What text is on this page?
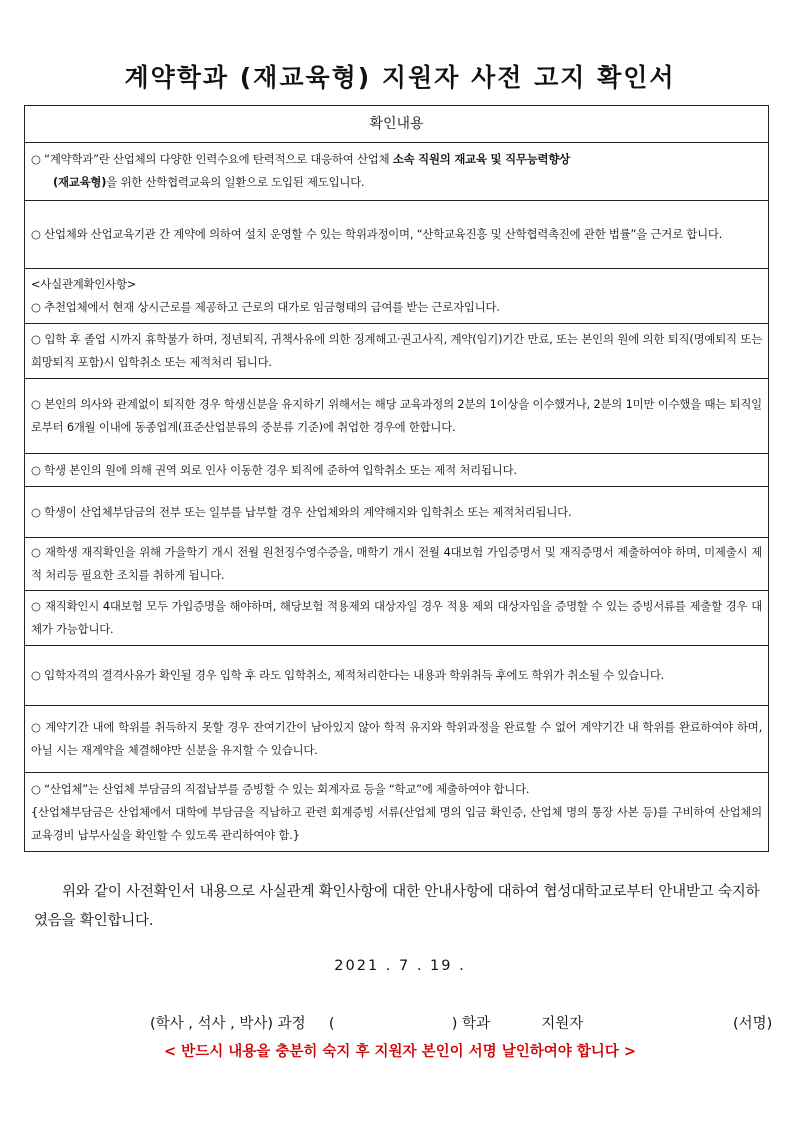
계약학과 (재교육형) 지원자 사전 고지 확인서
확인내용

○ “계약학과”란 산업체의 다양한 인력수요에 탄력적으로 대응하여 산업체 소속 직원의 재교육 및 직무능력향상

(재교육형)을 위한 산학협력교육의 일환으로 도입된 제도입니다.

○ 산업체와 산업교육기관 간 계약에 의하여 설치 운영할 수 있는 학위과정이며, “산학교육진흥 및 산학협력촉진에 관한 법률”을 근거로 합니다.

<사실관계확인사항>

○ 추천업체에서 현재 상시근로를 제공하고 근로의 대가로 임금형태의 급여를 받는 근로자입니다.

○ 입학 후 졸업 시까지 휴학불가 하며, 정년퇴직, 귀책사유에 의한 징계해고·권고사직, 계약(임기)기간 만료, 또는 본인의 원에 의한 퇴직(명예퇴직 또는 희망퇴직 포함)시 입학취소 또는 제적처리 됩니다.

○ 본인의 의사와 관계없이 퇴직한 경우 학생신분을 유지하기 위해서는 해당 교육과정의 2분의 1이상을 이수했거나, 2분의 1미만 이수했을 때는 퇴직일로부터 6개월 이내에 동종업계(표준산업분류의 중분류 기준)에 취업한 경우에 한합니다.

○ 학생 본인의 원에 의해 권역 외로 인사 이동한 경우 퇴직에 준하여 입학취소 또는 제적 처리됩니다.

○ 학생이 산업체부담금의 전부 또는 일부를 납부할 경우 산업체와의 계약해지와 입학취소 또는 제적처리됩니다.

○ 재학생 재직확인을 위해 가을학기 개시 전월 원천징수영수증을, 매학기 개시 전월 4대보험 가입증명서 및 재직증명서 제출하여야 하며, 미제출시 제적 처리등 필요한 조치를 취하게 됩니다.

○ 재직확인시 4대보험 모두 가입증명을 해야하며, 해당보험 적용제외 대상자일 경우 적용 제외 대상자임을 증명할 수 있는 증빙서류를 제출할 경우 대체가 가능합니다.

○ 입학자격의 결격사유가 확인될 경우 입학 후 라도 입학취소, 제적처리한다는 내용과 학위취득 후에도 학위가 취소될 수 있습니다.

○ 계약기간 내에 학위를 취득하지 못할 경우 잔여기간이 남아있지 않아 학적 유지와 학위과정을 완료할 수 없어 계약기간 내 학위를 완료하여야 하며, 아닐 시는 재계약을 체결해야만 신분을 유지할 수 있습니다.

○ “산업체”는 산업체 부담금의 직접납부를 증빙할 수 있는 회계자료 등을 “학교”에 제출하여야 합니다.

{산업체부담금은 산업체에서 대학에 부담금을 직납하고 관련 회계증빙 서류(산업체 명의 입금 확인증, 산업체 명의 통장 사본 등)를 구비하여 산업체의 교육경비 납부사실을 확인할 수 있도록 관리하여야 함.}

위와 같이 사전확인서 내용으로 사실관계 확인사항에 대한 안내사항에 대하여 협성대학교로부터 안내받고 숙지하였음을 확인합니다.
2021 . 7 . 19 .
(학사 , 석사 , 박사) 과정 (	) 학과	지원자	(서명)
< 반드시 내용을 충분히 숙지 후 지원자 본인이 서명 날인하여야 합니다 >
